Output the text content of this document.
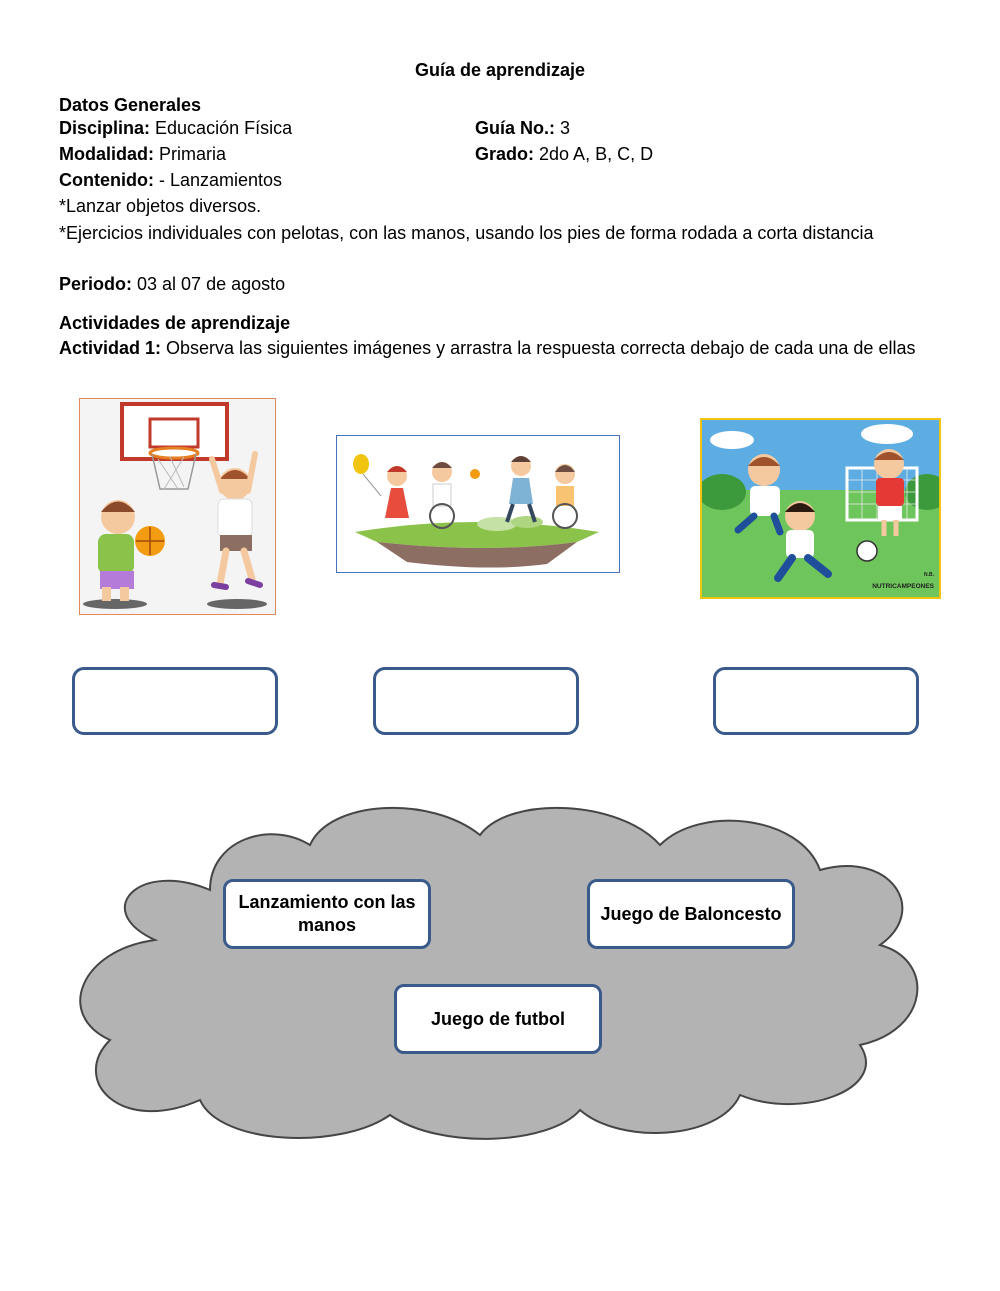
Guía de aprendizaje
Datos Generales
Disciplina: Educación Física	Guía No.: 3
Modalidad: Primaria	Grado: 2do A, B, C, D
Contenido: - Lanzamientos
*Lanzar objetos diversos.
*Ejercicios individuales con pelotas, con las manos, usando los pies de forma rodada a corta distancia
Periodo: 03 al 07 de agosto
Actividades de aprendizaje
Actividad 1: Observa las siguientes imágenes y arrastra la respuesta correcta debajo de cada una de ellas
N.B.
NUTRICAMPEONES
Lanzamiento con las manos
Juego de Baloncesto
Juego de futbol
